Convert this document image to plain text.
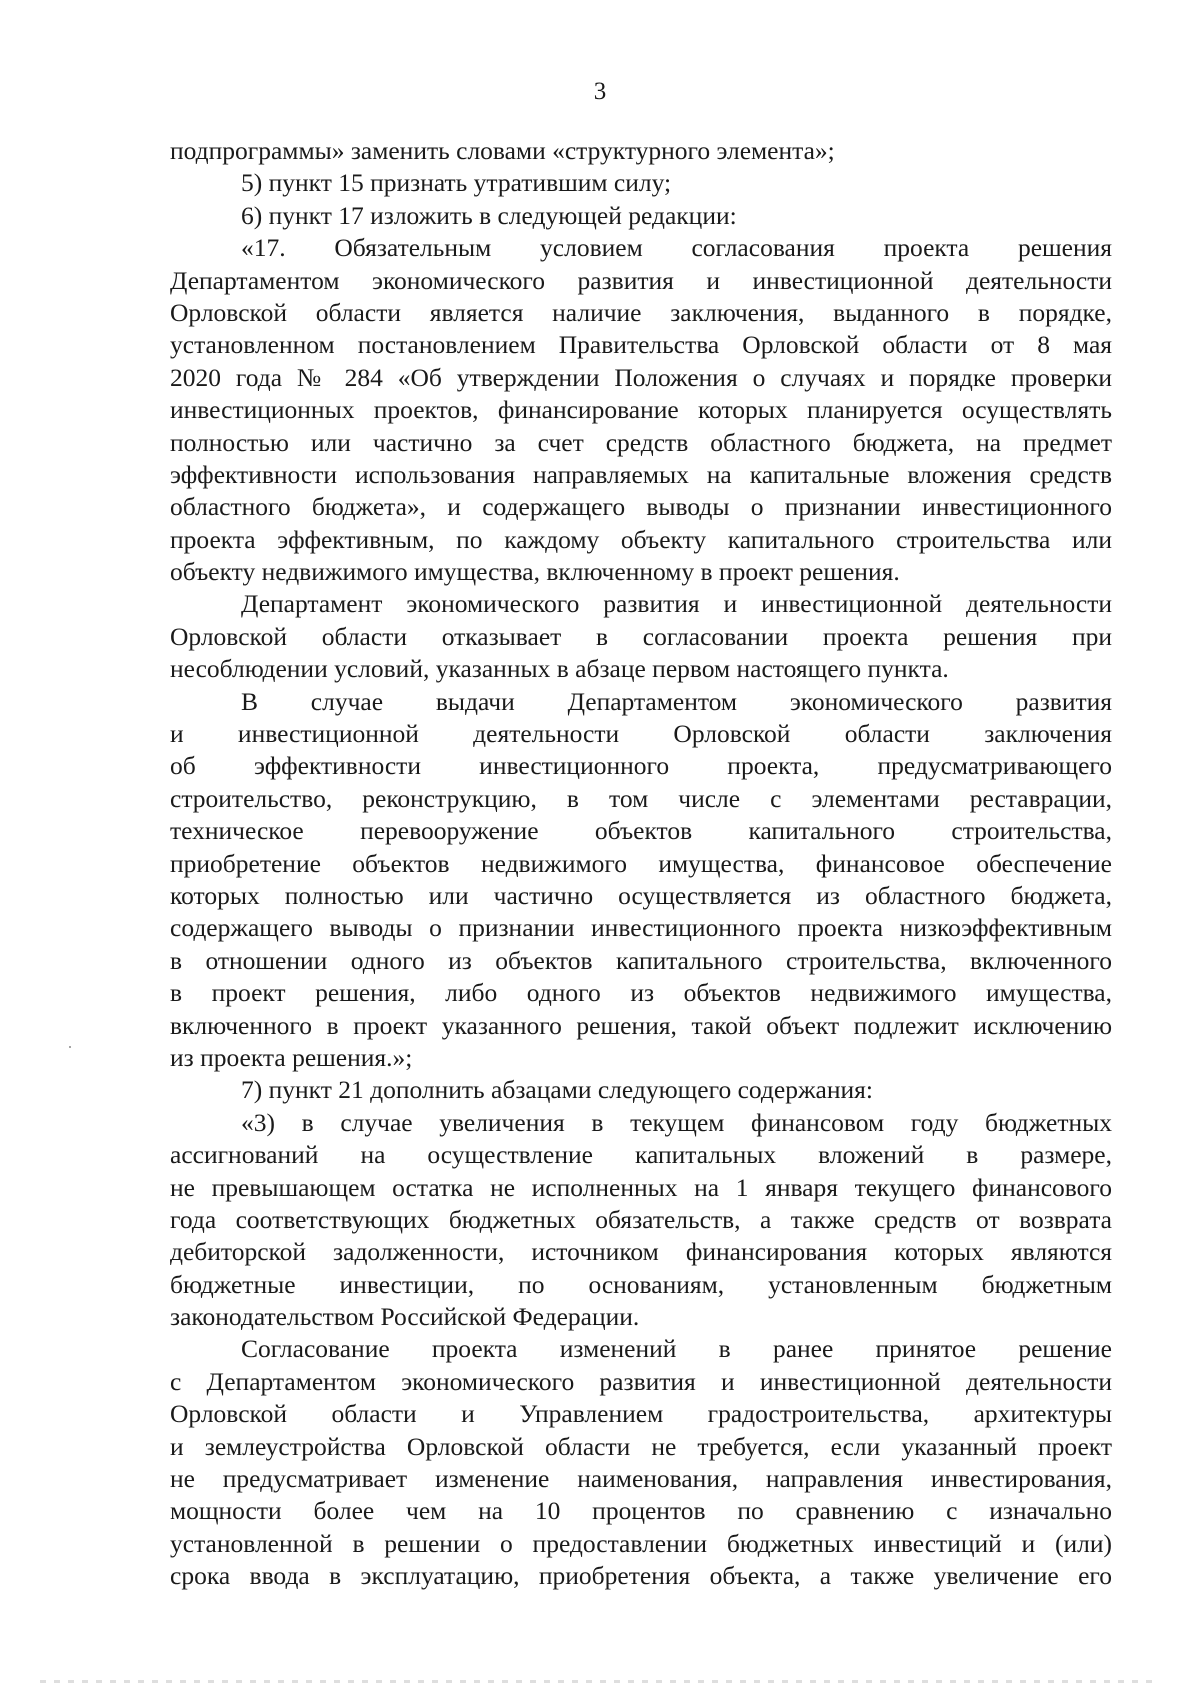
3
подпрограммы» заменить словами «структурного элемента»;
5) пункт 15 признать утратившим силу;
6) пункт 17 изложить в следующей редакции:
«17. Обязательным условием согласования проекта решения
Департаментом экономического развития и инвестиционной деятельности
Орловской области является наличие заключения, выданного в порядке,
установленном постановлением Правительства Орловской области от 8 мая
2020 года № 284 «Об утверждении Положения о случаях и порядке проверки
инвестиционных проектов, финансирование которых планируется осуществлять
полностью или частично за счет средств областного бюджета, на предмет
эффективности использования направляемых на капитальные вложения средств
областного бюджета», и содержащего выводы о признании инвестиционного
проекта эффективным, по каждому объекту капитального строительства или
объекту недвижимого имущества, включенному в проект решения.
Департамент экономического развития и инвестиционной деятельности
Орловской области отказывает в согласовании проекта решения при
несоблюдении условий, указанных в абзаце первом настоящего пункта.
В случае выдачи Департаментом экономического развития
и инвестиционной деятельности Орловской области заключения
об эффективности инвестиционного проекта, предусматривающего
строительство, реконструкцию, в том числе с элементами реставрации,
техническое перевооружение объектов капитального строительства,
приобретение объектов недвижимого имущества, финансовое обеспечение
которых полностью или частично осуществляется из областного бюджета,
содержащего выводы о признании инвестиционного проекта низкоэффективным
в отношении одного из объектов капитального строительства, включенного
в проект решения, либо одного из объектов недвижимого имущества,
включенного в проект указанного решения, такой объект подлежит исключению
из проекта решения.»;
7) пункт 21 дополнить абзацами следующего содержания:
«3) в случае увеличения в текущем финансовом году бюджетных
ассигнований на осуществление капитальных вложений в размере,
не превышающем остатка не исполненных на 1 января текущего финансового
года соответствующих бюджетных обязательств, а также средств от возврата
дебиторской задолженности, источником финансирования которых являются
бюджетные инвестиции, по основаниям, установленным бюджетным
законодательством Российской Федерации.
Согласование проекта изменений в ранее принятое решение
с Департаментом экономического развития и инвестиционной деятельности
Орловской области и Управлением градостроительства, архитектуры
и землеустройства Орловской области не требуется, если указанный проект
не предусматривает изменение наименования, направления инвестирования,
мощности более чем на 10 процентов по сравнению с изначально
установленной в решении о предоставлении бюджетных инвестиций и (или)
срока ввода в эксплуатацию, приобретения объекта, а также увеличение его
